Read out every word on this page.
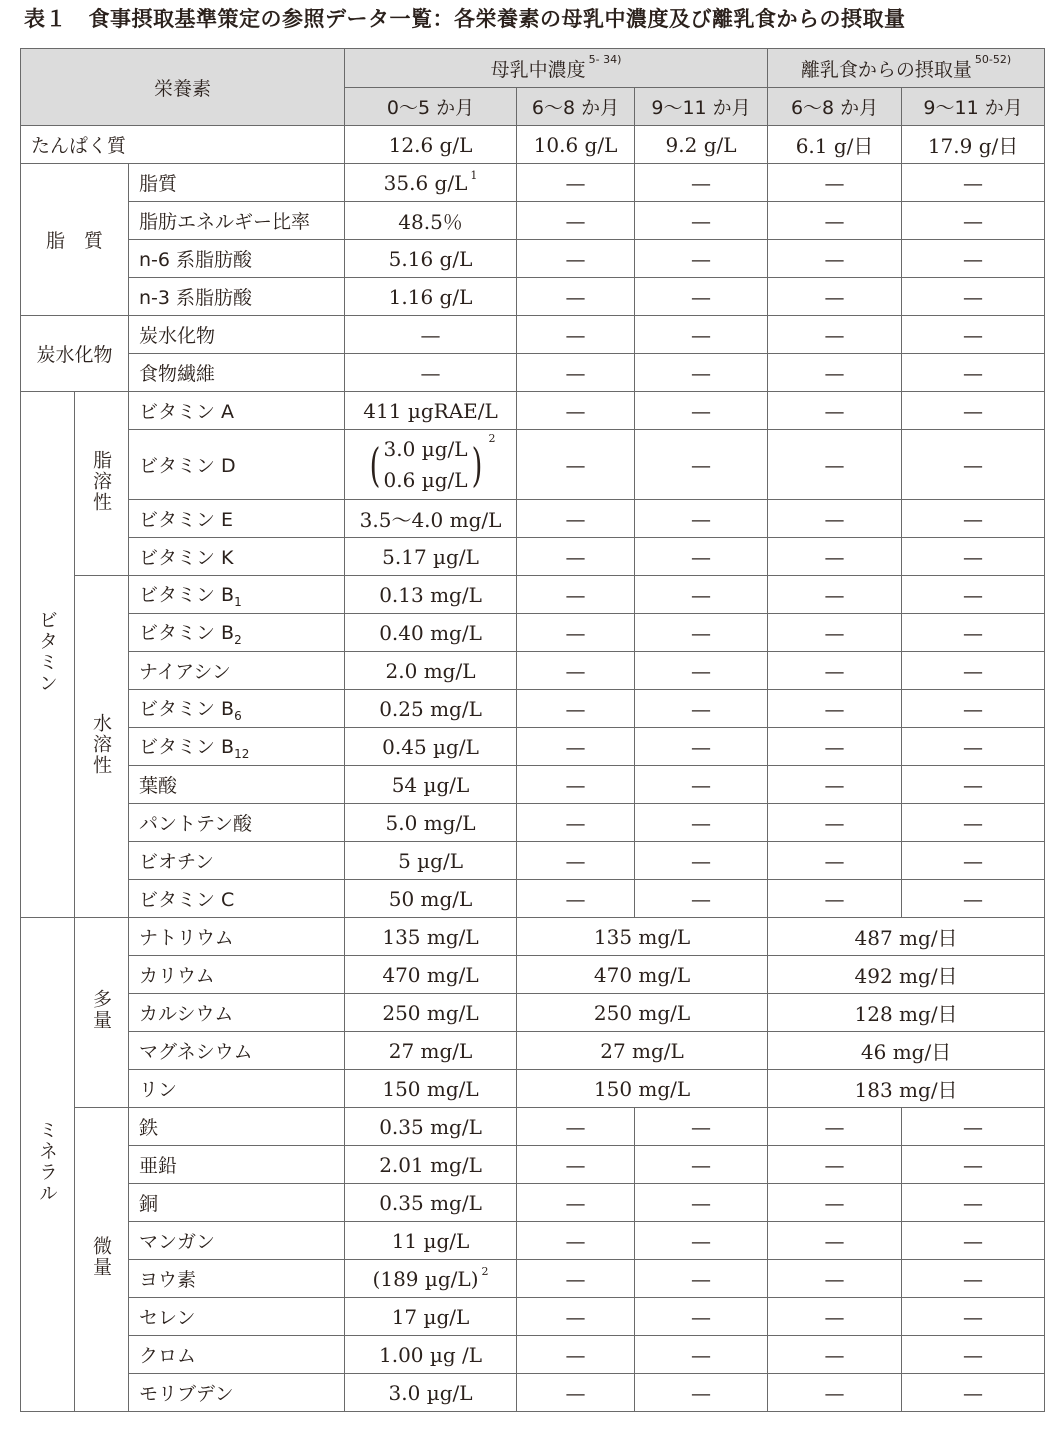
表１　食事摂取基準策定の参照データ一覧：各栄養素の母乳中濃度及び離乳食からの摂取量
栄養素			母乳中濃度 $^{5- 34)}$			離乳食からの摂取量 $^{50-52)}$
			0～5 か月	6～8 か月	9～11 か月	6～8 か月	9～11 か月
たんぱく質			12.6 g/L	10.6 g/L	9.2 g/L	6.1 g/日	17.9 g/日
脂　質		脂質	35.6 g/L $^1$	—	—	—	—
		脂肪エネルギー比率	48.5％	—	—	—	—
		n-6 系脂肪酸	5.16 g/L	—	—	—	—
		n-3 系脂肪酸	1.16 g/L	—	—	—	—
炭水化物		炭水化物	—	—	—	—	—
		食物繊維	—	—	—	—	—
ビタミン	脂溶性	ビタミン A	411 µgRAE/L	—	—	—	—
		ビタミン D	( 3.0 µg/L
0.6 µg/L ) $^2$	—	—	—	—
		ビタミン E	3.5～4.0 mg/L	—	—	—	—
		ビタミン K	5.17 µg/L	—	—	—	—
	水溶性	ビタミン $B_1$	0.13 mg/L	—	—	—	—
		ビタミン $B_2$	0.40 mg/L	—	—	—	—
		ナイアシン	2.0 mg/L	—	—	—	—
		ビタミン $B_6$	0.25 mg/L	—	—	—	—
		ビタミン $B_{12}$	0.45 µg/L	—	—	—	—
		葉酸	54 µg/L	—	—	—	—
		パントテン酸	5.0 mg/L	—	—	—	—
		ビオチン	5 µg/L	—	—	—	—
		ビタミン C	50 mg/L	—	—	—	—
ミネラル	多量	ナトリウム	135 mg/L	135 mg/L		487 mg/日	
		カリウム	470 mg/L	470 mg/L		492 mg/日	
		カルシウム	250 mg/L	250 mg/L		128 mg/日	
		マグネシウム	27 mg/L	27 mg/L		46 mg/日	
		リン	150 mg/L	150 mg/L		183 mg/日	
	微量	鉄	0.35 mg/L	—	—	—	—
		亜鉛	2.01 mg/L	—	—	—	—
		銅	0.35 mg/L	—	—	—	—
		マンガン	11 µg/L	—	—	—	—
		ヨウ素	(189 µg/L) $^2$	—	—	—	—
		セレン	17 µg/L	—	—	—	—
		クロム	1.00 µg /L	—	—	—	—
		モリブデン	3.0 µg/L	—	—	—	—
